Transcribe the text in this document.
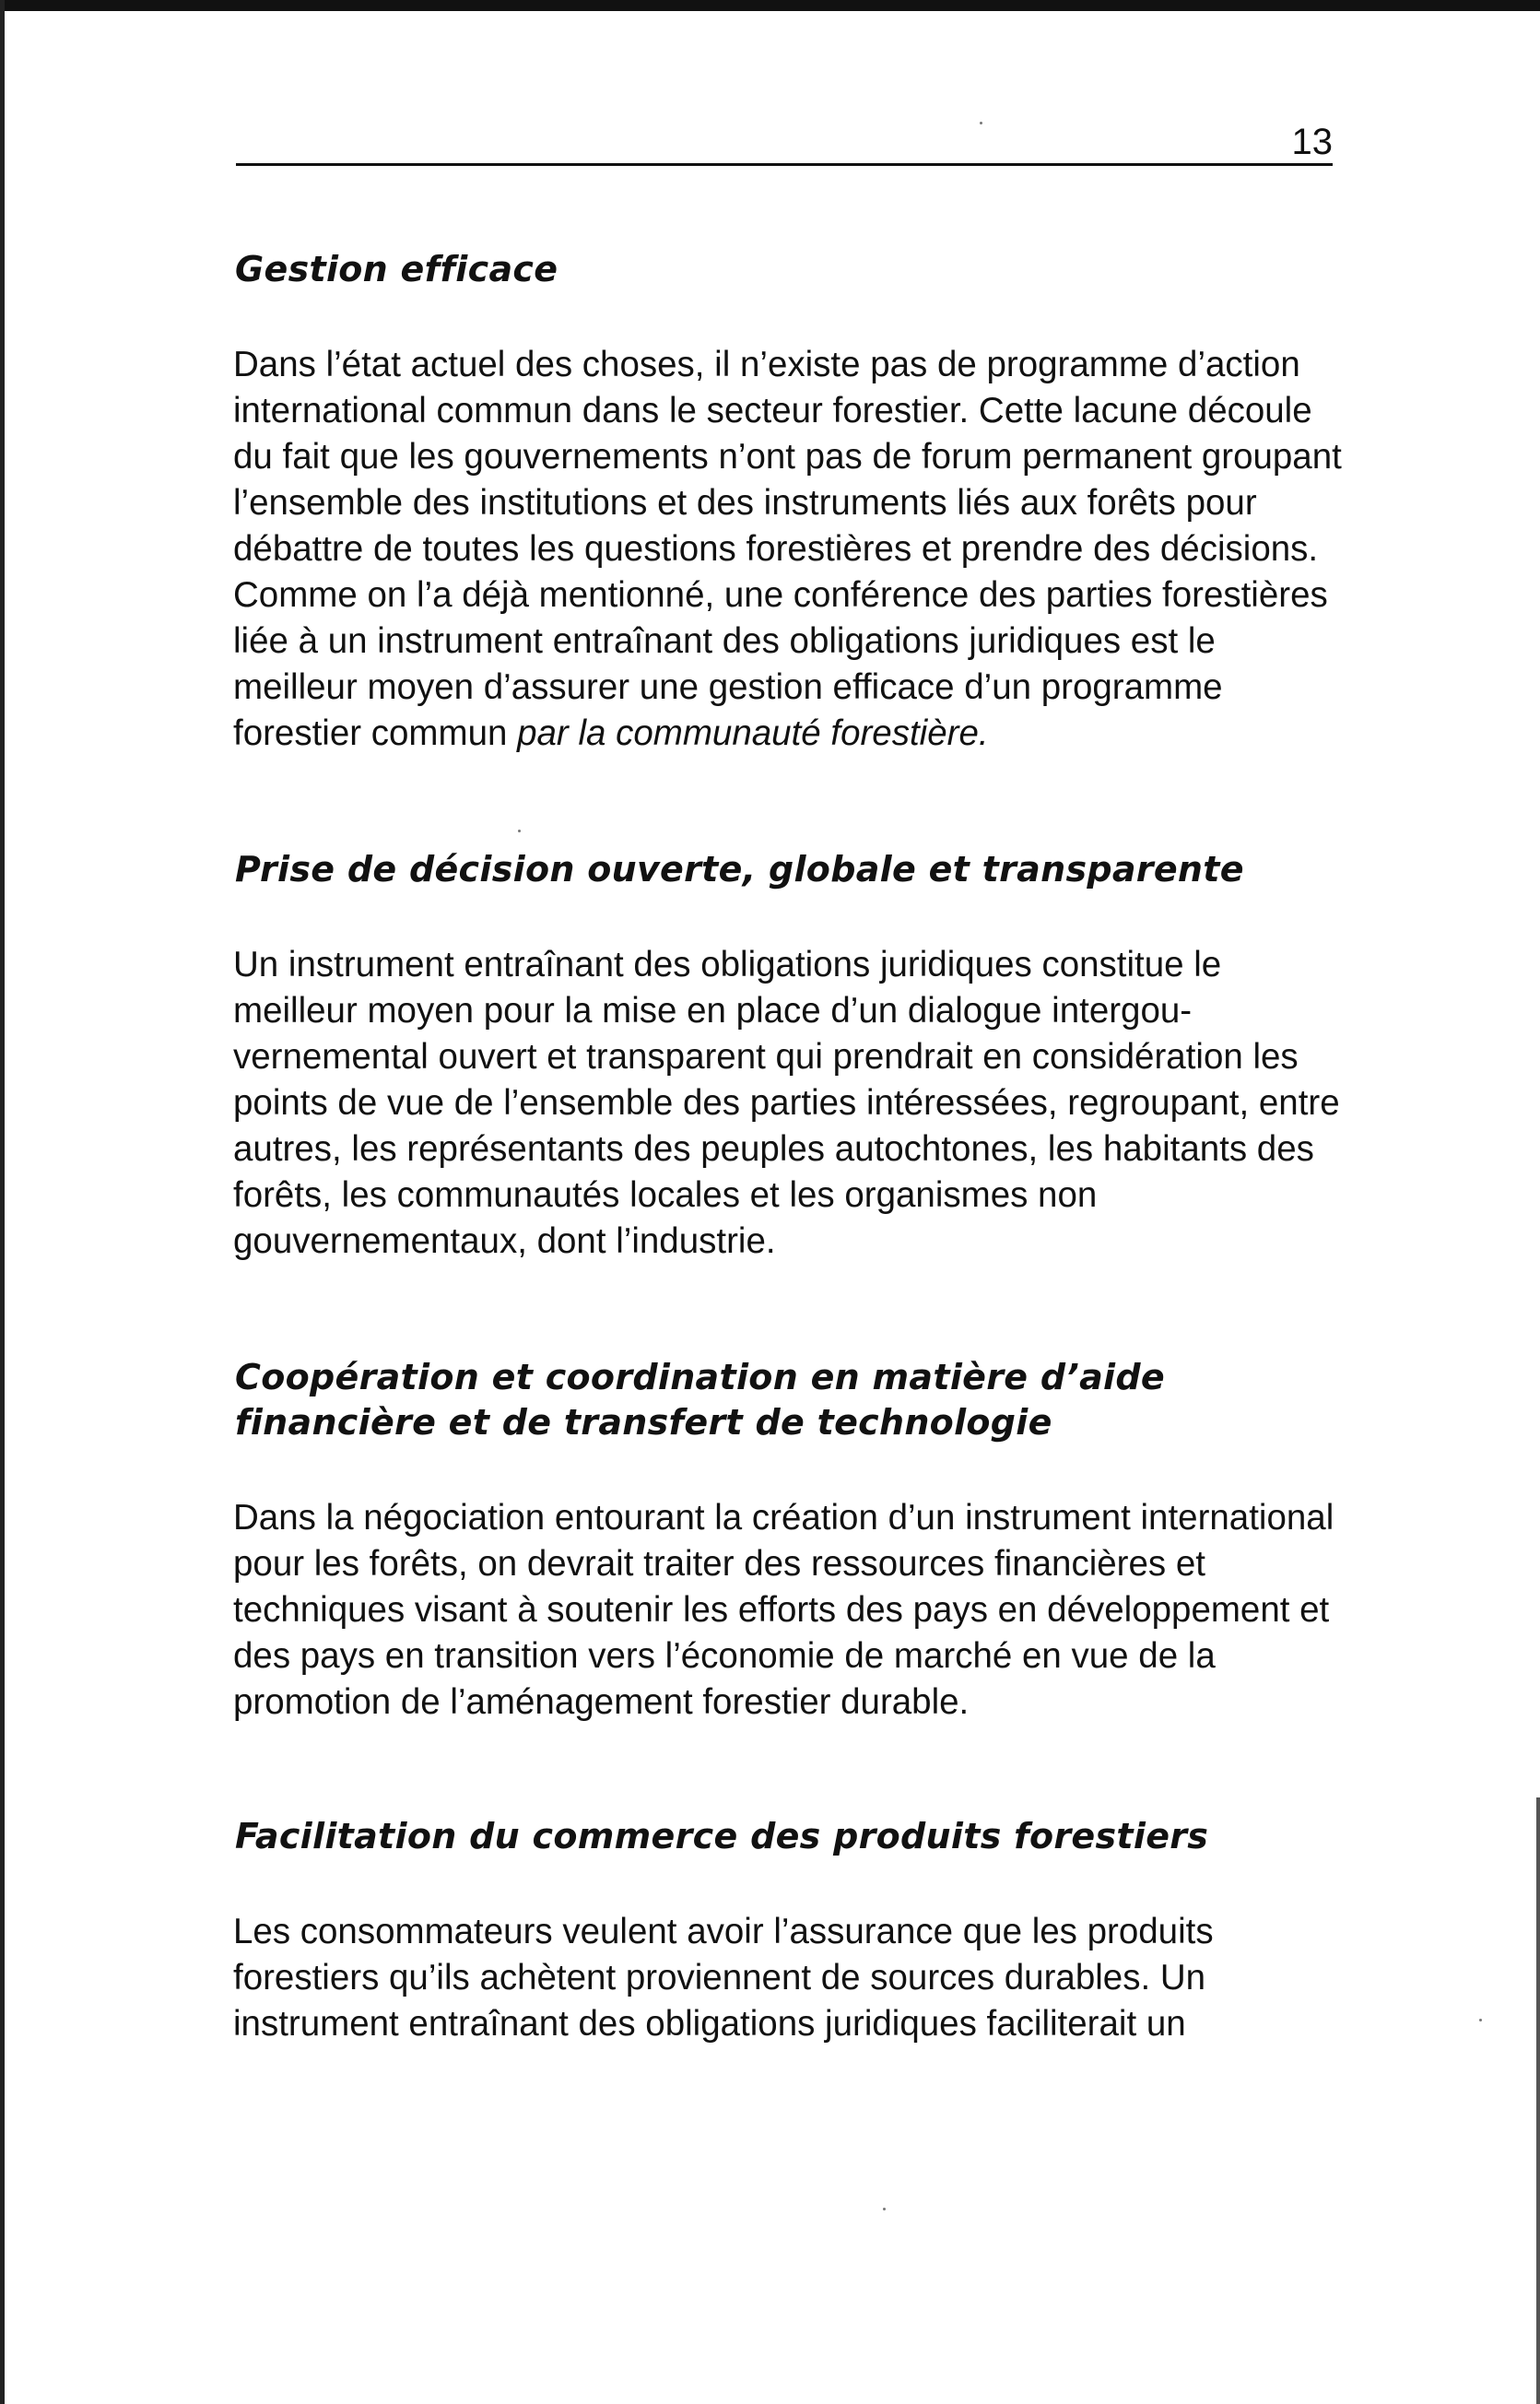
13
Gestion efficace

Dans l’état actuel des choses, il n’existe pas de programme d’action international commun dans le secteur forestier. Cette lacune découle du fait que les gouvernements n’ont pas de forum permanent groupant l’ensemble des institutions et des instruments liés aux forêts pour débattre de toutes les questions forestières et prendre des décisions. Comme on l’a déjà mentionné, une conférence des parties forestières liée à un instrument entraînant des obligations juridiques est le meilleur moyen d’assurer une gestion efficace d’un programme forestier commun par la communauté forestière.

Prise de décision ouverte, globale et transparente

Un instrument entraînant des obligations juridiques constitue le meilleur moyen pour la mise en place d’un dialogue intergou-vernemental ouvert et transparent qui prendrait en considération les points de vue de l’ensemble des parties intéressées, regroupant, entre autres, les représentants des peuples autochtones, les habitants des forêts, les communautés locales et les organismes non gouvernementaux, dont l’industrie.

Coopération et coordination en matière d’aide financière et de transfert de technologie

Dans la négociation entourant la création d’un instrument international pour les forêts, on devrait traiter des ressources financières et techniques visant à soutenir les efforts des pays en développement et des pays en transition vers l’économie de marché en vue de la promotion de l’aménagement forestier durable.

Facilitation du commerce des produits forestiers

Les consommateurs veulent avoir l’assurance que les produits forestiers qu’ils achètent proviennent de sources durables. Un instrument entraînant des obligations juridiques faciliterait un
